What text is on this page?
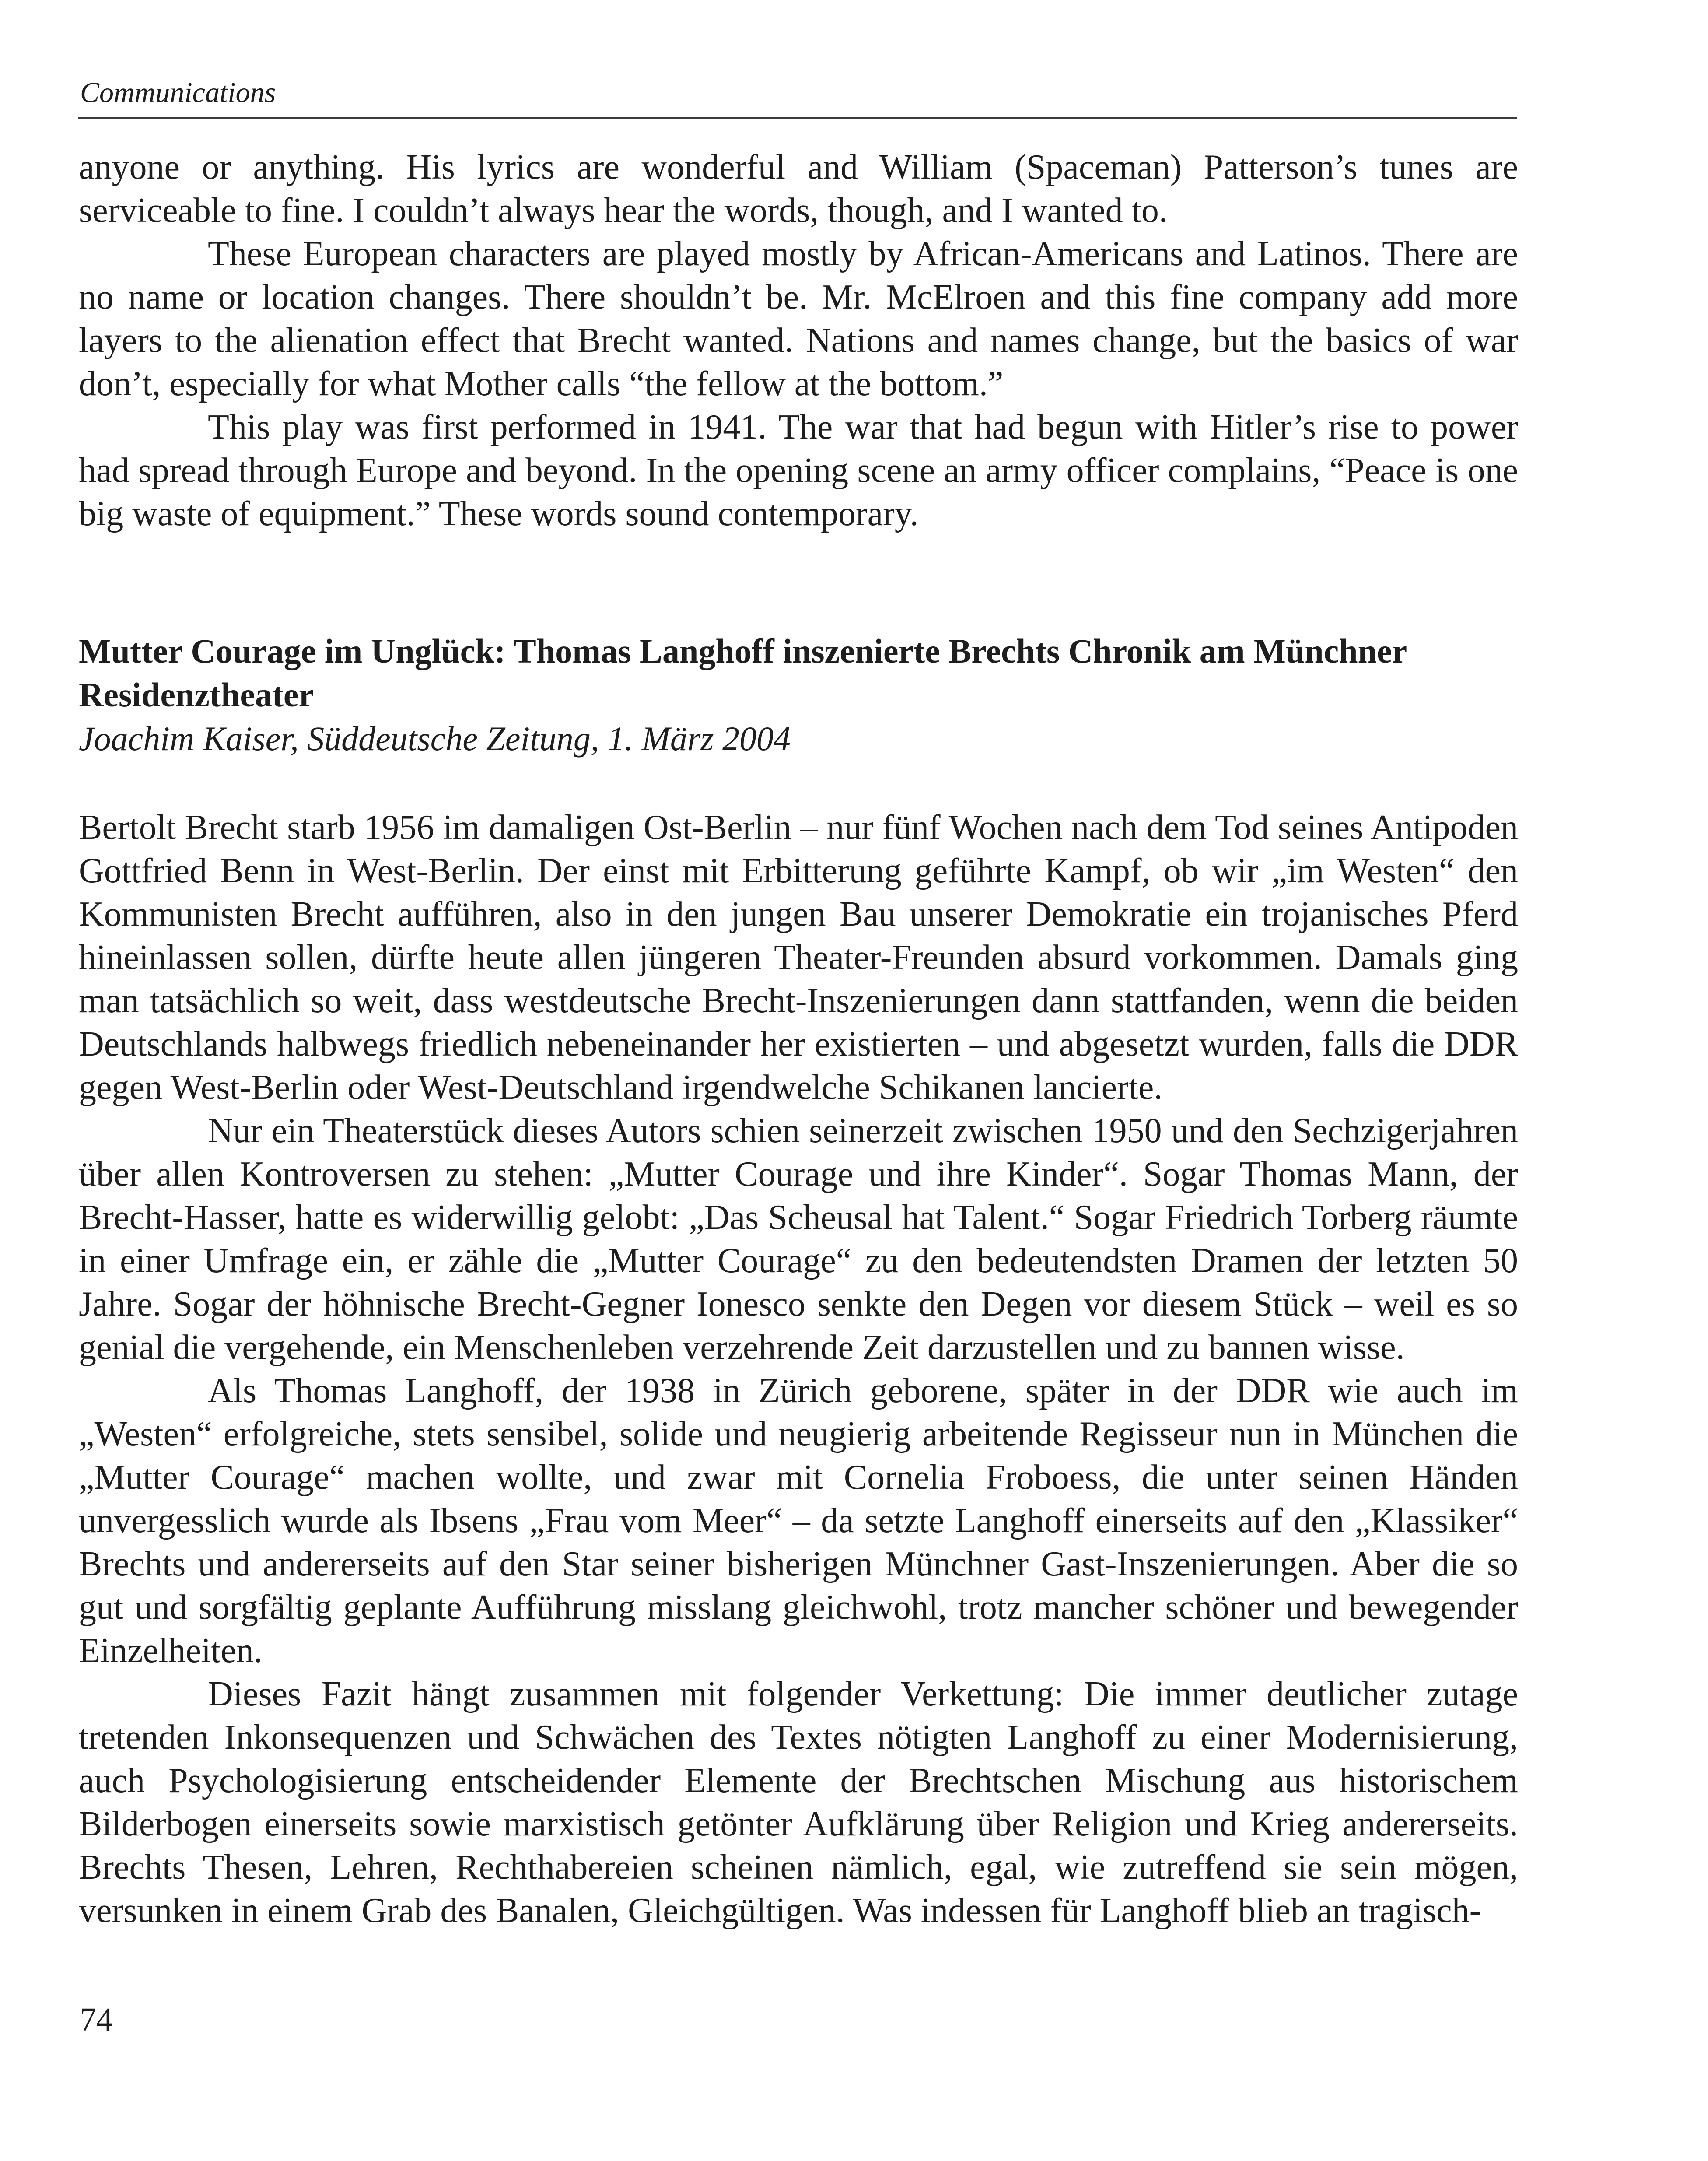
Communications

anyone or anything. His lyrics are wonderful and William (Spaceman) Patterson’s tunes are serviceable to fine. I couldn’t always hear the words, though, and I wanted to.

These European characters are played mostly by African-Americans and Latinos. There are no name or location changes. There shouldn’t be. Mr. McElroen and this fine company add more layers to the alienation effect that Brecht wanted. Nations and names change, but the basics of war don’t, especially for what Mother calls “the fellow at the bottom.”

This play was first performed in 1941. The war that had begun with Hitler’s rise to power had spread through Europe and beyond. In the opening scene an army officer complains, “Peace is one big waste of equipment.” These words sound contemporary.

Mutter Courage im Unglück: Thomas Langhoff inszenierte Brechts Chronik am Münchner Residenztheater

Joachim Kaiser, Süddeutsche Zeitung, 1. März 2004

Bertolt Brecht starb 1956 im damaligen Ost-Berlin – nur fünf Wochen nach dem Tod seines Antipoden Gottfried Benn in West-Berlin. Der einst mit Erbitterung geführte Kampf, ob wir „im Westen“ den Kommunisten Brecht aufführen, also in den jungen Bau unserer Demokratie ein trojanisches Pferd hineinlassen sollen, dürfte heute allen jüngeren Theater-Freunden absurd vorkommen. Damals ging man tatsächlich so weit, dass westdeutsche Brecht-Inszenierungen dann stattfanden, wenn die beiden Deutschlands halbwegs friedlich nebeneinander her existierten – und abgesetzt wurden, falls die DDR gegen West-Berlin oder West-Deutschland irgendwelche Schikanen lancierte.

Nur ein Theaterstück dieses Autors schien seinerzeit zwischen 1950 und den Sechzigerjahren über allen Kontroversen zu stehen: „Mutter Courage und ihre Kinder“. Sogar Thomas Mann, der Brecht-Hasser, hatte es widerwillig gelobt: „Das Scheusal hat Talent.“ Sogar Friedrich Torberg räumte in einer Umfrage ein, er zähle die „Mutter Courage“ zu den bedeutendsten Dramen der letzten 50 Jahre. Sogar der höhnische Brecht-Gegner Ionesco senkte den Degen vor diesem Stück – weil es so genial die vergehende, ein Menschenleben verzehrende Zeit darzustellen und zu bannen wisse.

Als Thomas Langhoff, der 1938 in Zürich geborene, später in der DDR wie auch im „Westen“ erfolgreiche, stets sensibel, solide und neugierig arbeitende Regisseur nun in München die „Mutter Courage“ machen wollte, und zwar mit Cornelia Froboess, die unter seinen Händen unvergesslich wurde als Ibsens „Frau vom Meer“ – da setzte Langhoff einerseits auf den „Klassiker“ Brechts und andererseits auf den Star seiner bisherigen Münchner Gast-Inszenierungen. Aber die so gut und sorgfältig geplante Aufführung misslang gleichwohl, trotz mancher schöner und bewegender Einzelheiten.

Dieses Fazit hängt zusammen mit folgender Verkettung: Die immer deutlicher zutage tretenden Inkonsequenzen und Schwächen des Textes nötigten Langhoff zu einer Modernisierung, auch Psychologisierung entscheidender Elemente der Brechtschen Mischung aus historischem Bilderbogen einerseits sowie marxistisch getönter Aufklärung über Religion und Krieg andererseits. Brechts Thesen, Lehren, Rechthabereien scheinen nämlich, egal, wie zutreffend sie sein mögen, versunken in einem Grab des Banalen, Gleichgültigen. Was indessen für Langhoff blieb an tragisch-

74
